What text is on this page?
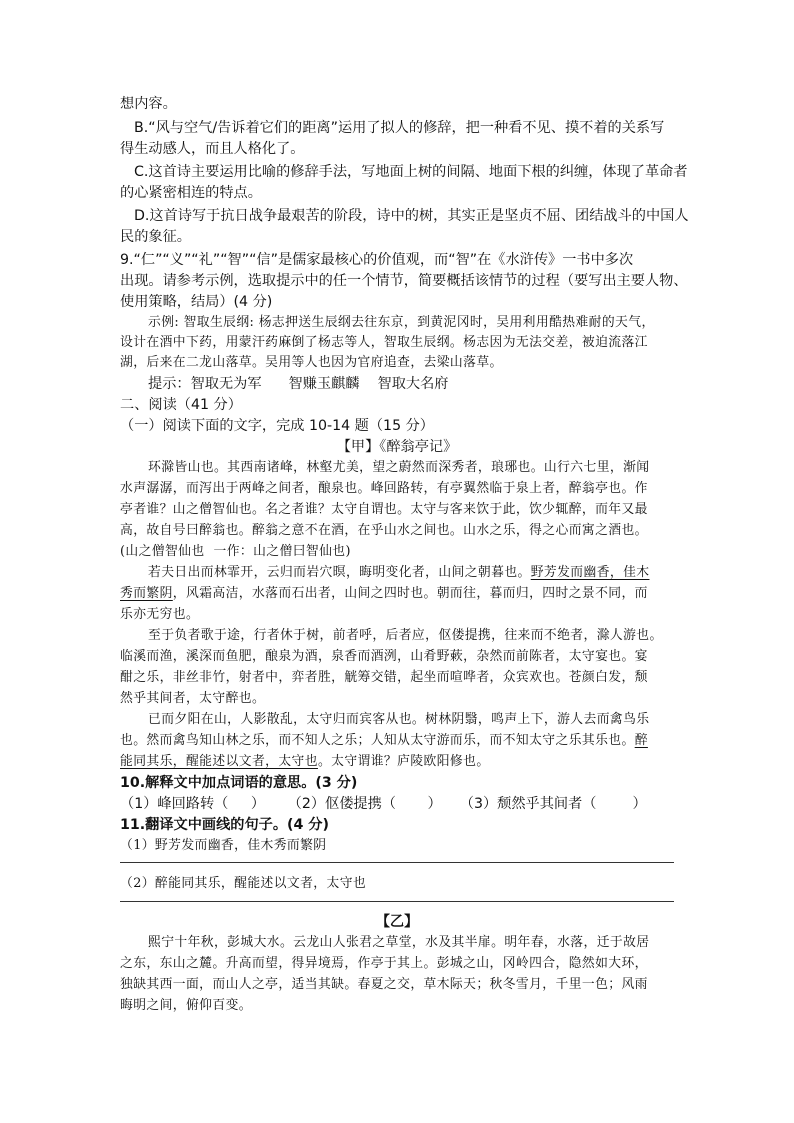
想内容。
B.“风与空气/告诉着它们的距离”运用了拟人的修辞，把一种看不见、摸不着的关系写
得生动感人，而且人格化了。
C.这首诗主要运用比喻的修辞手法，写地面上树的间隔、地面下根的纠缠，体现了革命者
的心紧密相连的特点。
D.这首诗写于抗日战争最艰苦的阶段，诗中的树，其实正是坚贞不屈、团结战斗的中国人
民的象征。
9.“仁”“义”“礼”“智”“信”是儒家最核心的价值观，而“智”在《水浒传》一书中多次
出现。请参考示例，选取提示中的任一个情节，简要概括该情节的过程（要写出主要人物、
使用策略，结局）(4 分)
示例: 智取生辰纲: 杨志押送生辰纲去往东京，到黄泥冈时，吴用利用酷热难耐的天气，
设计在酒中下药，用蒙汗药麻倒了杨志等人，智取生辰纲。杨志因为无法交差，被迫流落江
湖，后来在二龙山落草。吴用等人也因为官府追查，去梁山落草。
提示：智取无为军      智赚玉麒麟    智取大名府
二、阅读（41 分）
（一）阅读下面的文字，完成 10-14 题（15 分）
【甲】《醉翁亭记》
环滁皆山也。其西南诸峰，林壑尤美，望之蔚然而深秀者，琅琊也。山行六七里，渐闻
水声潺潺，而泻出于两峰之间者，酿泉也。峰回路转，有亭翼然临于泉上者，醉翁亭也。作
亭者谁？山之僧智仙也。名之者谁？太守自谓也。太守与客来饮于此，饮少辄醉，而年又最
高，故自号曰醉翁也。醉翁之意不在酒，在乎山水之间也。山水之乐，得之心而寓之酒也。
(山之僧智仙也  一作：山之僧曰智仙也)
若夫日出而林霏开，云归而岩穴暝，晦明变化者，山间之朝暮也。野芳发而幽香，佳木
秀而繁阴，风霜高洁，水落而石出者，山间之四时也。朝而往，暮而归，四时之景不同，而
乐亦无穷也。
至于负者歌于途，行者休于树，前者呼，后者应，伛偻提携，往来而不绝者，滁人游也。
临溪而渔，溪深而鱼肥，酿泉为酒，泉香而酒洌，山肴野蔌，杂然而前陈者，太守宴也。宴
酣之乐，非丝非竹，射者中，弈者胜，觥筹交错，起坐而喧哗者，众宾欢也。苍颜白发，颓
然乎其间者，太守醉也。
已而夕阳在山，人影散乱，太守归而宾客从也。树林阴翳，鸣声上下，游人去而禽鸟乐
也。然而禽鸟知山林之乐，而不知人之乐；人知从太守游而乐，而不知太守之乐其乐也。醉
能同其乐，醒能述以文者，太守也。太守谓谁？庐陵欧阳修也。
10.解释文中加点词语的意思。(3 分)
（1）峰回路转（     ）     （2）伛偻提携（       ）    （3）颓然乎其间者（        ）
11.翻译文中画线的句子。(4 分)
（1）野芳发而幽香，佳木秀而繁阴
（2）醉能同其乐，醒能述以文者，太守也
【乙】
熙宁十年秋，彭城大水。云龙山人张君之草堂，水及其半扉。明年春，水落，迁于故居
之东，东山之麓。升高而望，得异境焉，作亭于其上。彭城之山，冈岭四合，隐然如大环，
独缺其西一面，而山人之亭，适当其缺。春夏之交，草木际天；秋冬雪月，千里一色；风雨
晦明之间，俯仰百变。
